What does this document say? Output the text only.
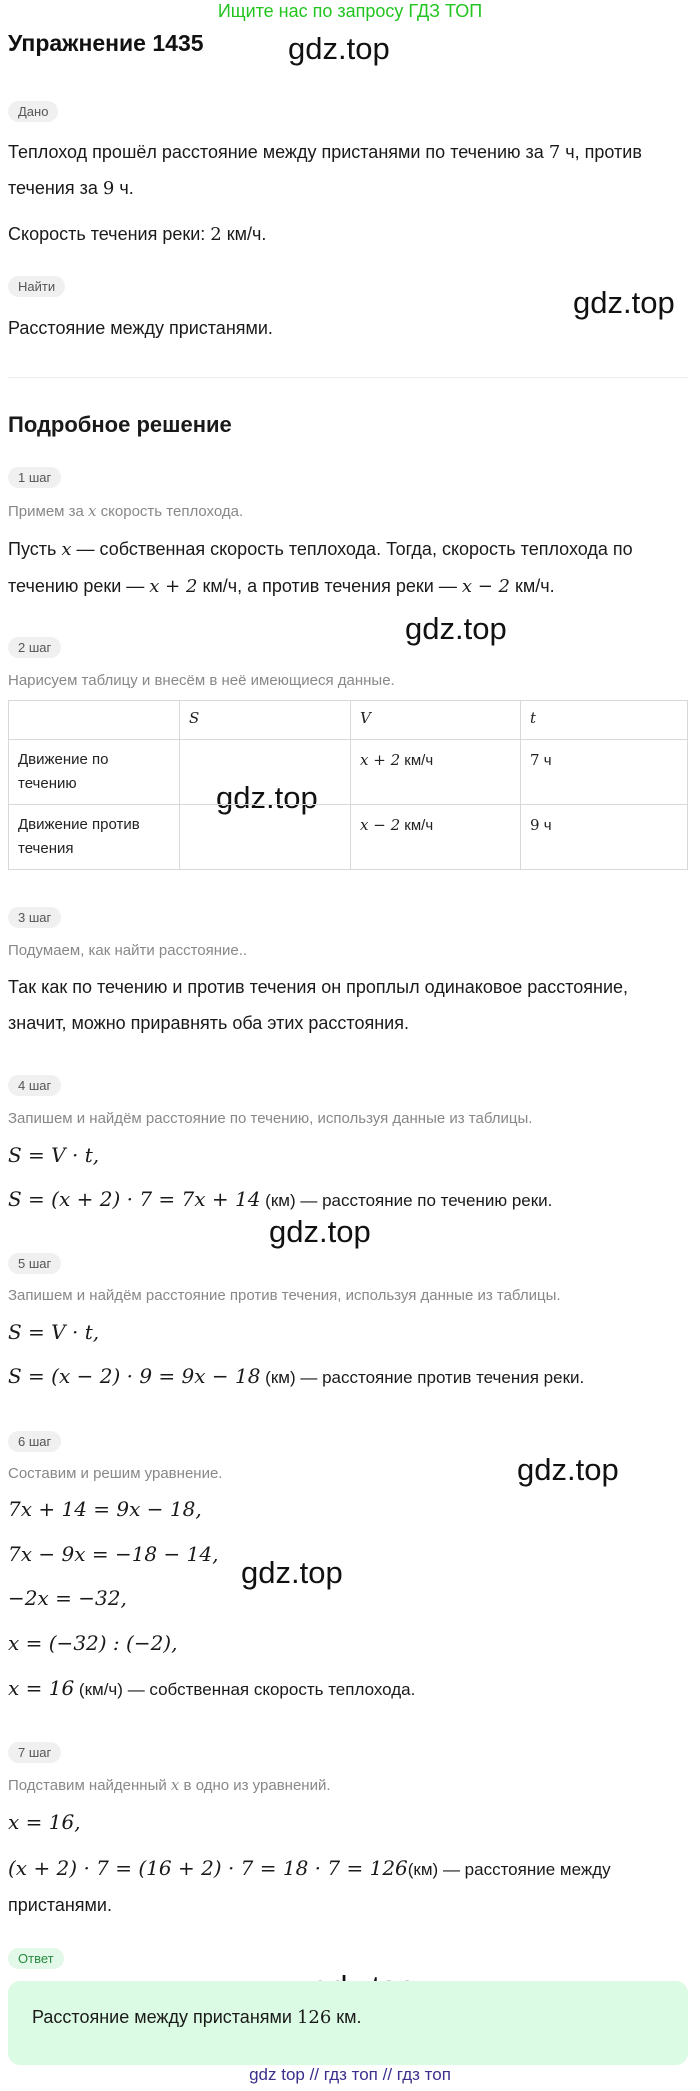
Ищите нас по запросу ГДЗ ТОП
Упражнение 1435	gdz.top
gdz.top
gdz.top
gdz.top
gdz.top
gdz.top
gdz.top
Дано
Теплоход прошёл расстояние между пристанями по течению за 7 ч, против
течения за 9 ч.
Скорость течения реки: 2 км/ч.
Найти
Расстояние между пристанями.
Подробное решение
1 шаг
Примем за x скорость теплохода.
Пусть x — собственная скорость теплохода. Тогда, скорость теплохода по
течению реки — x + 2 км/ч, а против течения реки — x − 2 км/ч.
2 шаг
Нарисуем таблицу и внесём в неё имеющиеся данные.
	S	V	t
Движение по течению		x + 2 км/ч	7 ч
Движение против течения		x − 2 км/ч	9 ч
3 шаг
Подумаем, как найти расстояние..
Так как по течению и против течения он проплыл одинаковое расстояние,
значит, можно приравнять оба этих расстояния.
4 шаг
Запишем и найдём расстояние по течению, используя данные из таблицы.
S = V · t,
S = (x + 2) · 7 = 7x + 14 (км) — расстояние по течению реки.
5 шаг
Запишем и найдём расстояние против течения, используя данные из таблицы.
S = V · t,
S = (x − 2) · 9 = 9x − 18 (км) — расстояние против течения реки.
6 шаг
Составим и решим уравнение.
7x + 14 = 9x − 18,
7x − 9x = −18 − 14,
−2x = −32,
x = (−32) : (−2),
x = 16 (км/ч) — собственная скорость теплохода.
7 шаг
Подставим найденный x в одно из уравнений.
x = 16,
(x + 2) · 7 = (16 + 2) · 7 = 18 · 7 = 126(км) — расстояние между
пристанями.
Ответ
Расстояние между пристанями 126 км.
gdz top // гдз топ // гдз топ
